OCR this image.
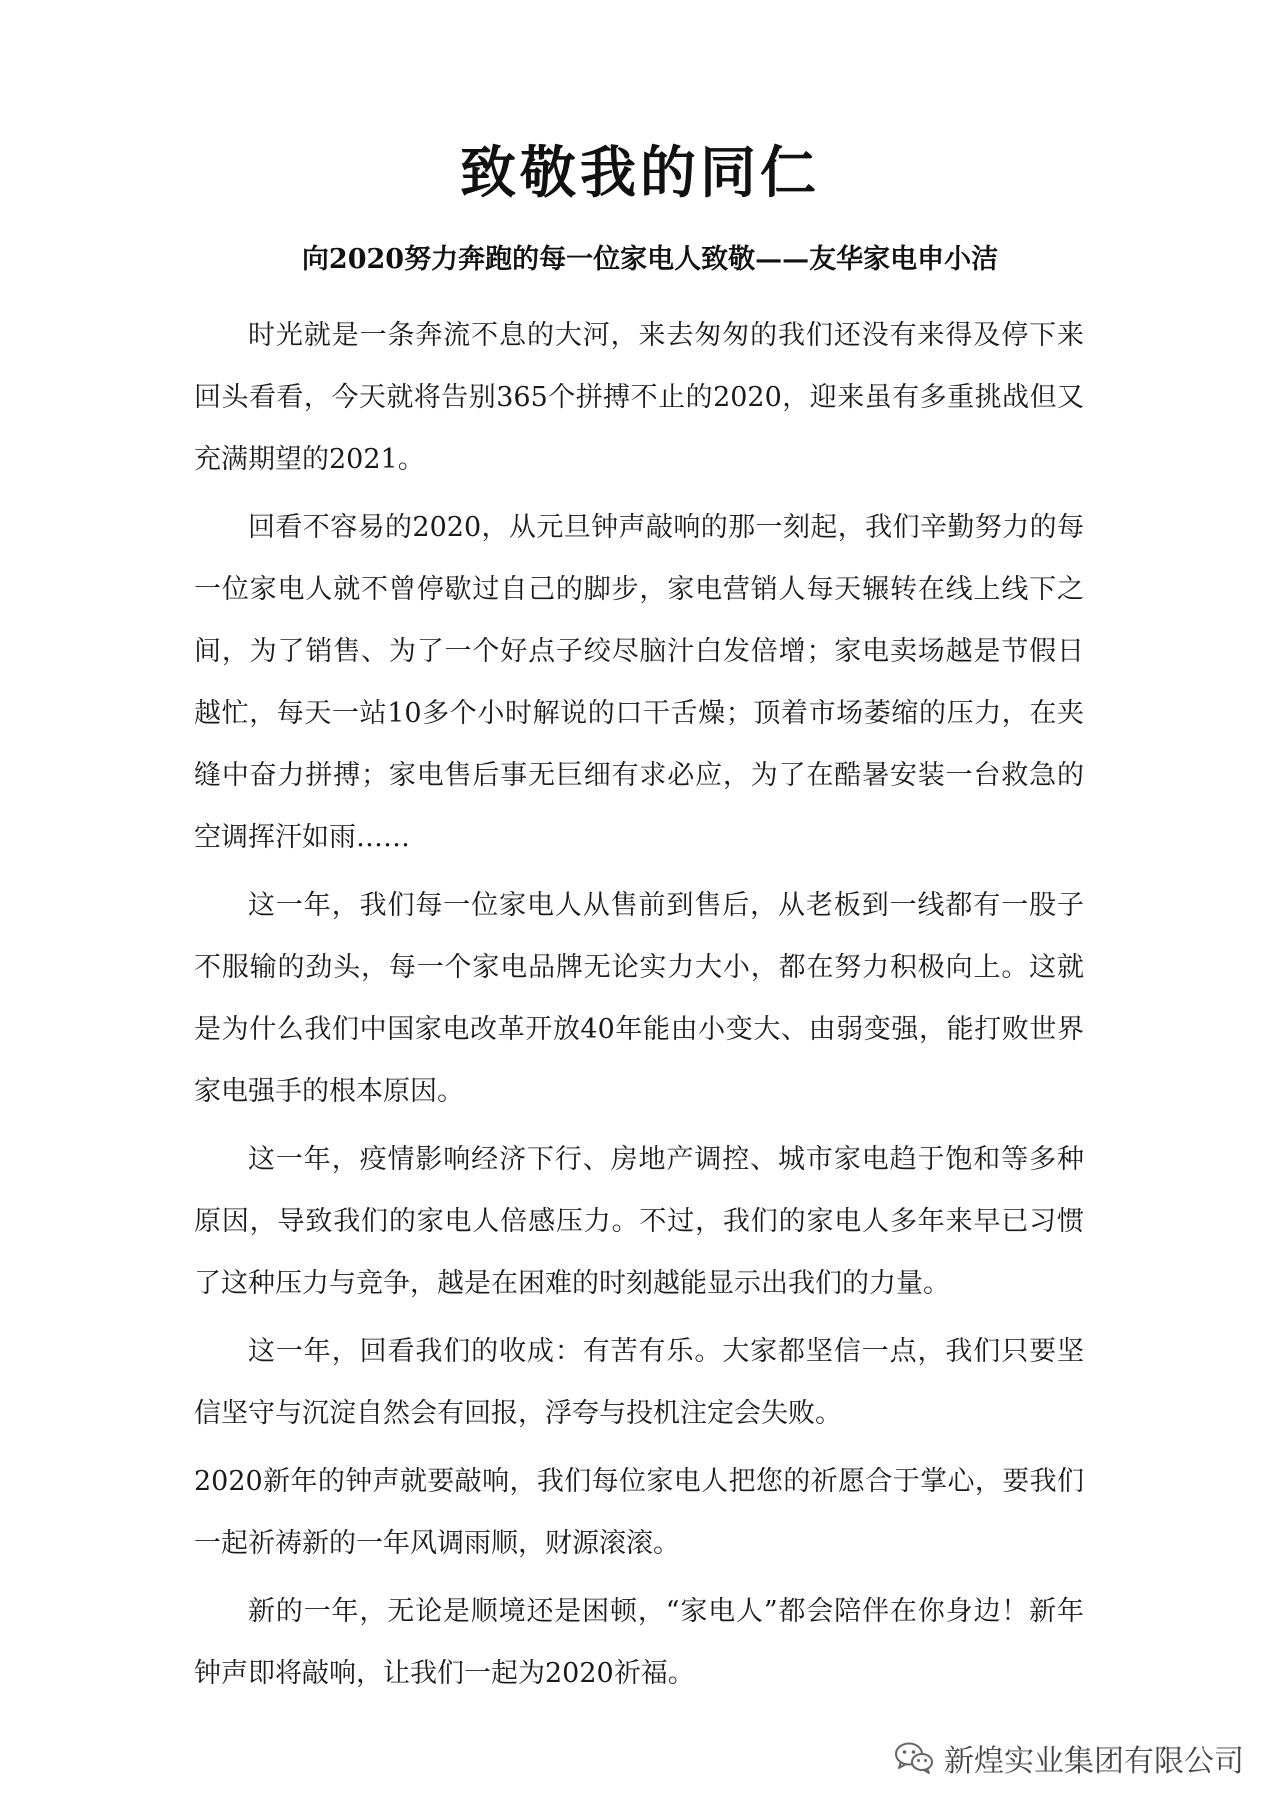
致敬我的同仁
向2020努力奔跑的每一位家电人致敬——友华家电申小洁

时光就是一条奔流不息的大河，来去匆匆的我们还没有来得及停下来回头看看，今天就将告别365个拼搏不止的2020，迎来虽有多重挑战但又充满期望的2021。

回看不容易的2020，从元旦钟声敲响的那一刻起，我们辛勤努力的每一位家电人就不曾停歇过自己的脚步，家电营销人每天辗转在线上线下之间，为了销售、为了一个好点子绞尽脑汁白发倍增；家电卖场越是节假日越忙，每天一站10多个小时解说的口干舌燥；顶着市场萎缩的压力，在夹缝中奋力拼搏；家电售后事无巨细有求必应，为了在酷暑安装一台救急的空调挥汗如雨……

这一年，我们每一位家电人从售前到售后，从老板到一线都有一股子不服输的劲头，每一个家电品牌无论实力大小，都在努力积极向上。这就是为什么我们中国家电改革开放40年能由小变大、由弱变强，能打败世界家电强手的根本原因。

这一年，疫情影响经济下行、房地产调控、城市家电趋于饱和等多种原因，导致我们的家电人倍感压力。不过，我们的家电人多年来早已习惯了这种压力与竞争，越是在困难的时刻越能显示出我们的力量。

这一年，回看我们的收成：有苦有乐。大家都坚信一点，我们只要坚信坚守与沉淀自然会有回报，浮夸与投机注定会失败。

2020新年的钟声就要敲响，我们每位家电人把您的祈愿合于掌心，要我们一起祈祷新的一年风调雨顺，财源滚滚。

新的一年，无论是顺境还是困顿，“家电人”都会陪伴在你身边！新年钟声即将敲响，让我们一起为2020祈福。

新煌实业集团有限公司
